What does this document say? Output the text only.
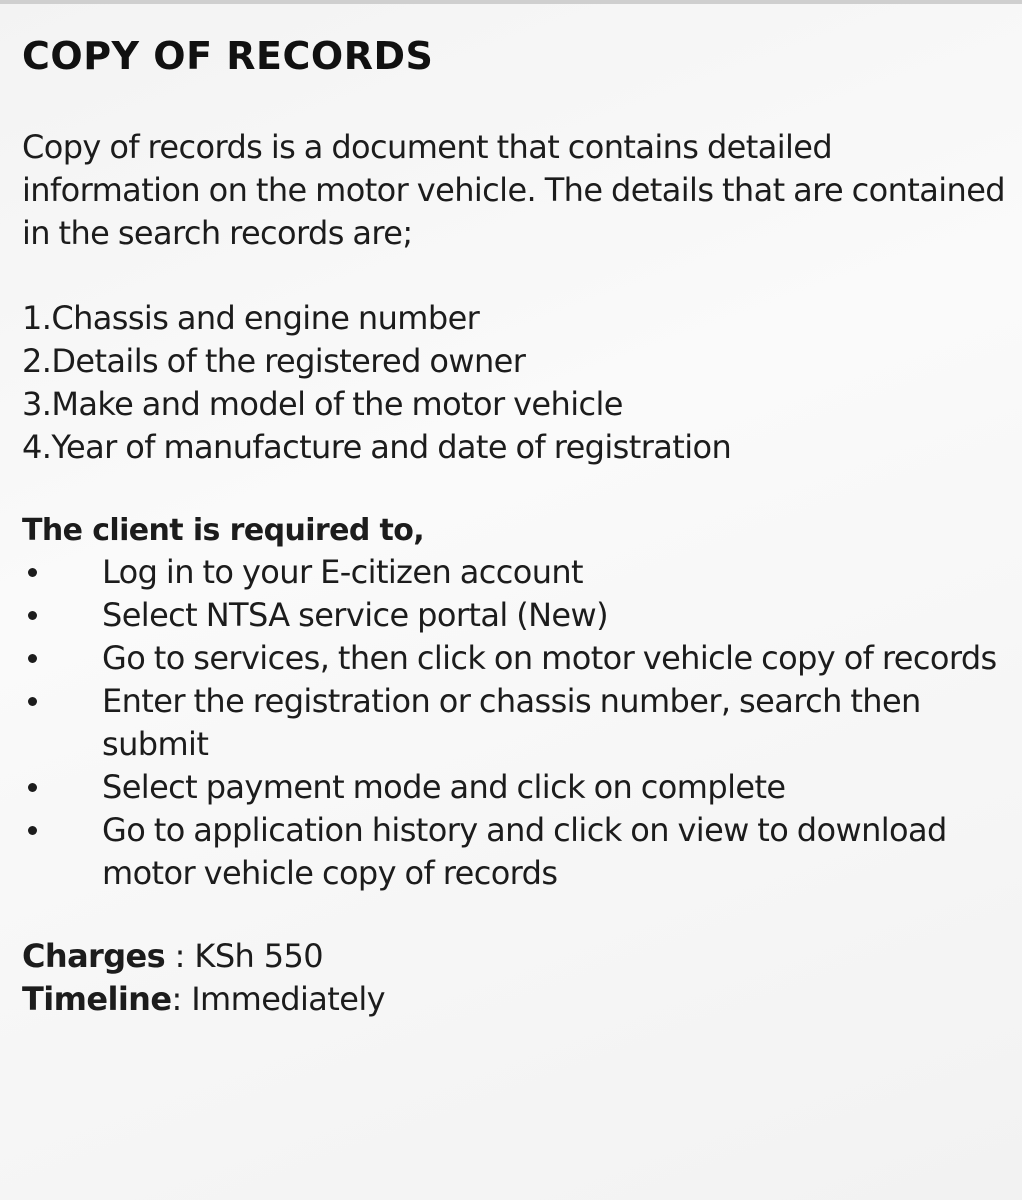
COPY OF RECORDS

Copy of records is a document that contains detailed information on the motor vehicle. The details that are contained in the search records are;

1.Chassis and engine number
2.Details of the registered owner
3.Make and model of the motor vehicle
4.Year of manufacture and date of registration
The client is required to,
Log in to your E-citizen account
Select NTSA service portal (New)
Go to services, then click on motor vehicle copy of records
Enter the registration or chassis number, search then submit
Select payment mode and click on complete
Go to application history and click on view to download motor vehicle copy of records
Charges : KSh 550
Timeline: Immediately
